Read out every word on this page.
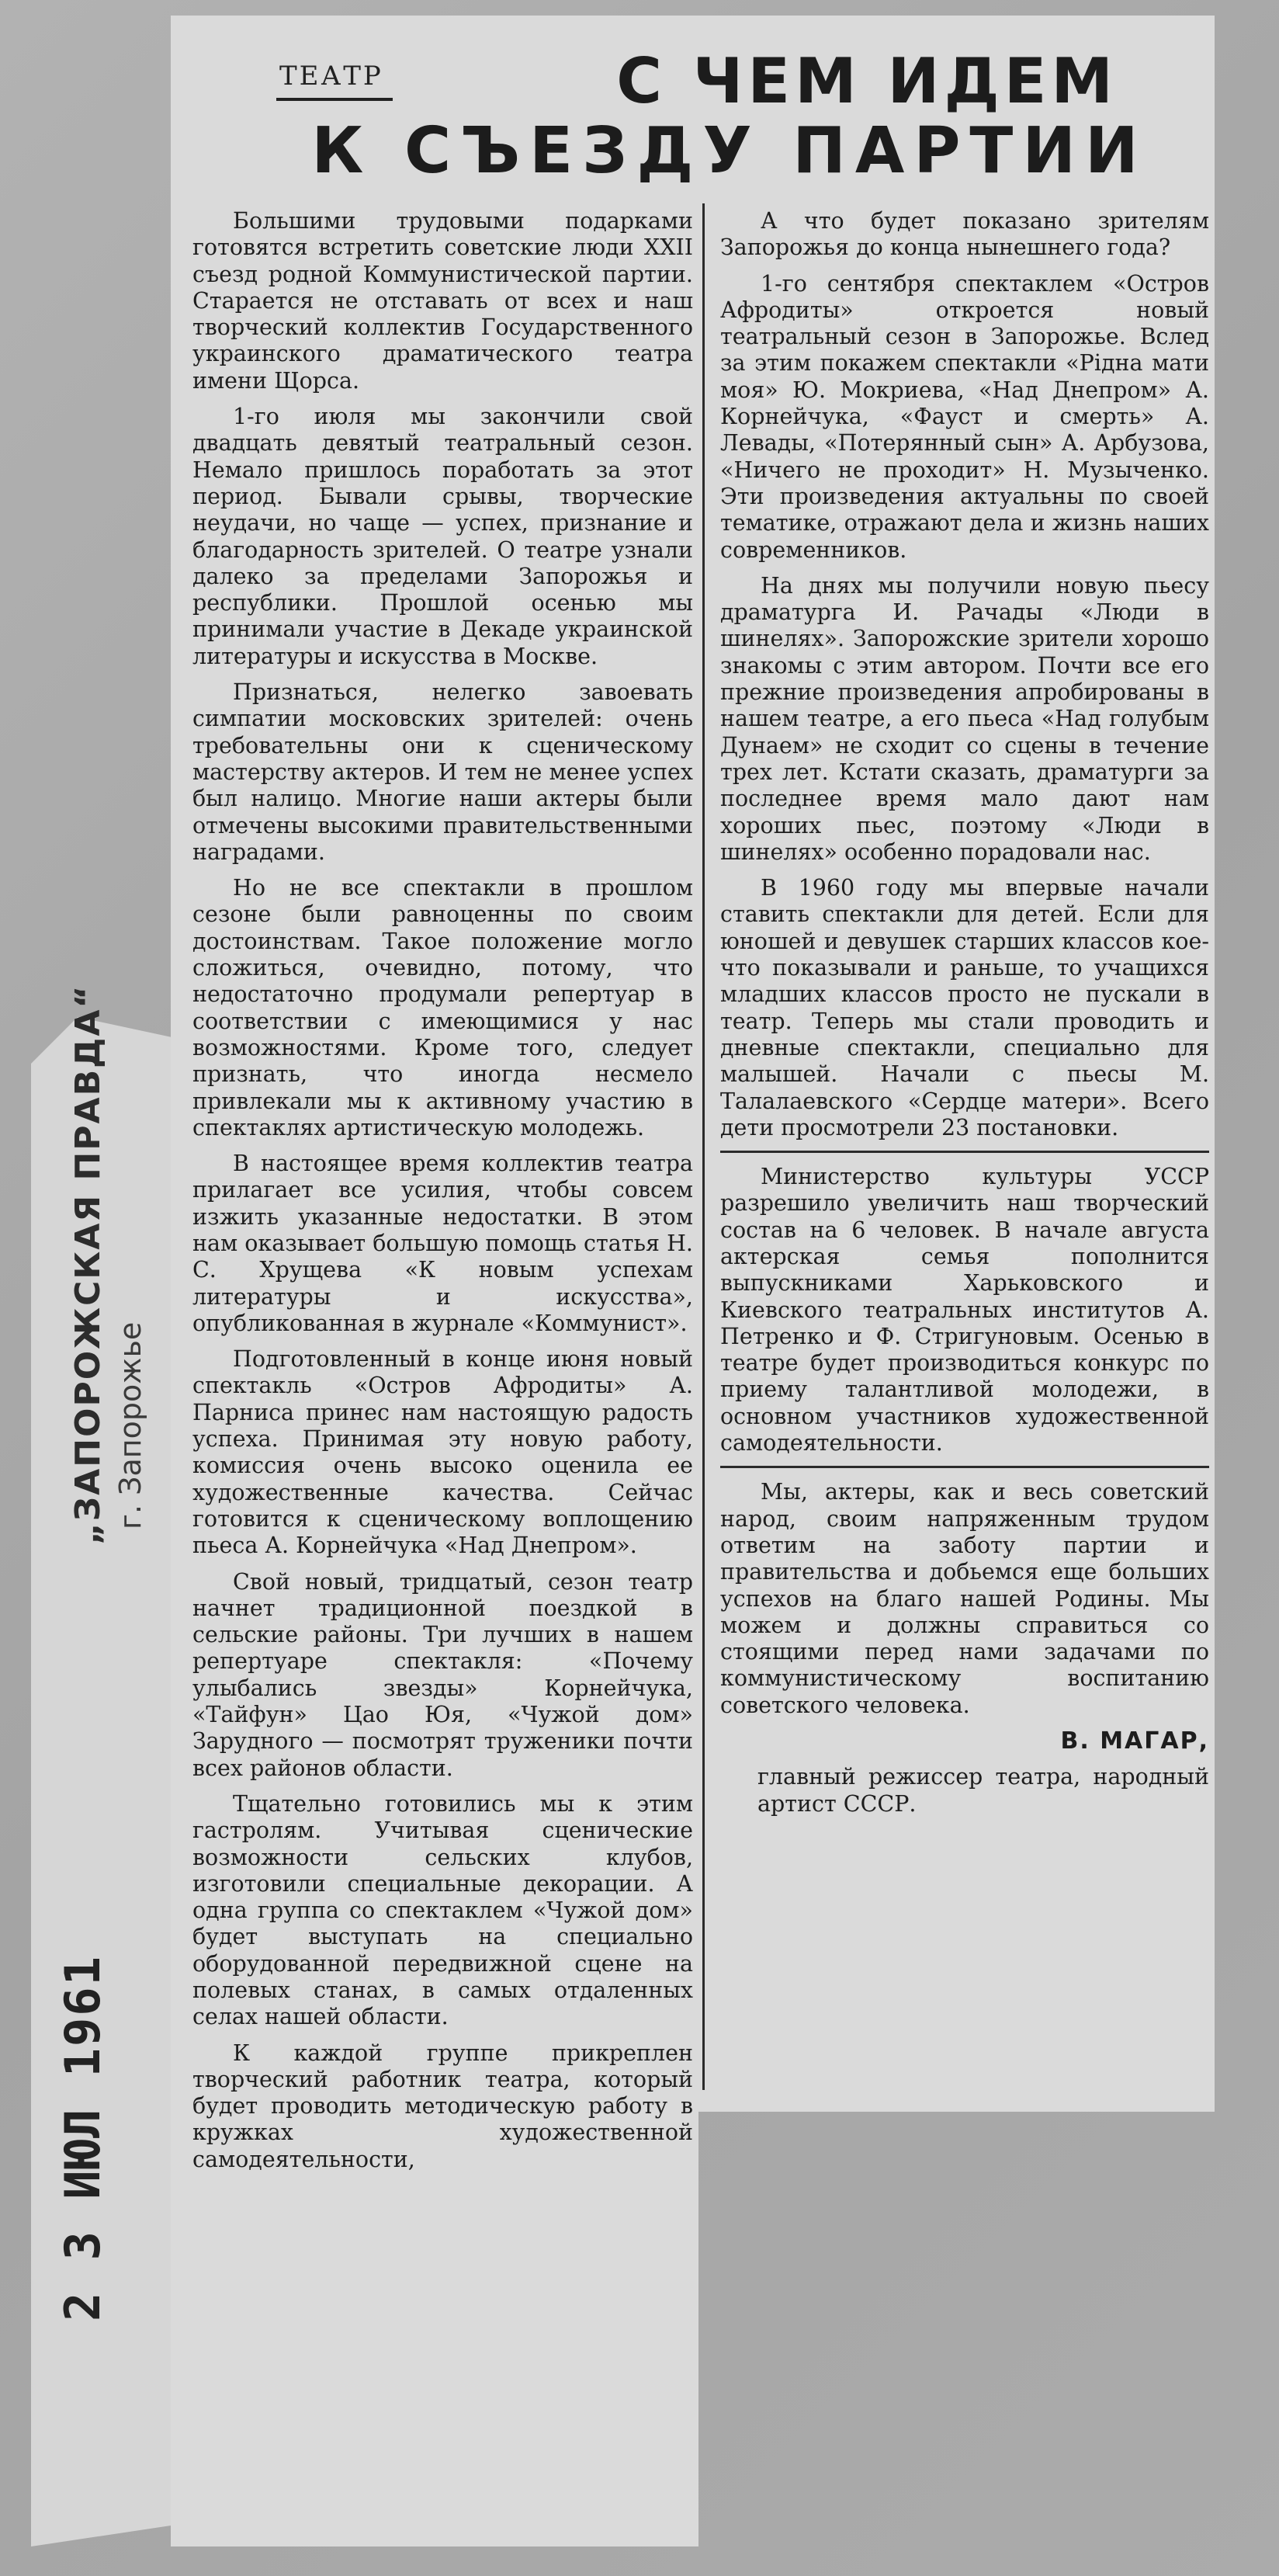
„ЗАПОРОЖСКАЯ ПРАВДА“ г. Запорожье
2 3 ИЮЛ 1961
ТЕАТР	С ЧЕМ ИДЕМ
К СЪЕЗДУ ПАРТИИ

Большими трудовыми подарками готовятся встретить советские люди XXII съезд родной Коммунистической партии. Старается не отставать от всех и наш творческий коллектив Государственного украинского драматического театра имени Щорса.

1-го июля мы закончили свой двадцать девятый театральный сезон. Немало пришлось поработать за этот период. Бывали срывы, творческие неудачи, но чаще — успех, признание и благодарность зрителей. О театре узнали далеко за пределами Запорожья и республики. Прошлой осенью мы принимали участие в Декаде украинской литературы и искусства в Москве.

Признаться, нелегко завоевать симпатии московских зрителей: очень требовательны они к сценическому мастерству актеров. И тем не менее успех был налицо. Многие наши актеры были отмечены высокими правительственными наградами.

Но не все спектакли в прошлом сезоне были равноценны по своим достоинствам. Такое положение могло сложиться, очевидно, потому, что недостаточно продумали репертуар в соответствии с имеющимися у нас возможностями. Кроме того, следует признать, что иногда несмело привлекали мы к активному участию в спектаклях артистическую молодежь.

В настоящее время коллектив театра прилагает все усилия, чтобы совсем изжить указанные недостатки. В этом нам оказывает большую помощь статья Н. С. Хрущева «К новым успехам литературы и искусства», опубликованная в журнале «Коммунист».

Подготовленный в конце июня новый спектакль «Остров Афродиты» А. Парниса принес нам настоящую радость успеха. Принимая эту новую работу, комиссия очень высоко оценила ее художественные качества. Сейчас готовится к сценическому воплощению пьеса А. Корнейчука «Над Днепром».

Свой новый, тридцатый, сезон театр начнет традиционной поездкой в сельские районы. Три лучших в нашем репертуаре спектакля: «Почему улыбались звезды» Корнейчука, «Тайфун» Цао Юя, «Чужой дом» Зарудного — посмотрят труженики почти всех районов области.

Тщательно готовились мы к этим гастролям. Учитывая сценические возможности сельских клубов, изготовили специальные декорации. А одна группа со спектаклем «Чужой дом» будет выступать на специально оборудованной передвижной сцене на полевых станах, в самых отдаленных селах нашей области.

К каждой группе прикреплен творческий работник театра, который будет проводить методическую работу в кружках художественной самодеятельности,

А что будет показано зрителям Запорожья до конца нынешнего года?

1-го сентября спектаклем «Остров Афродиты» откроется новый театральный сезон в Запорожье. Вслед за этим покажем спектакли «Рідна мати моя» Ю. Мокриева, «Над Днепром» А. Корнейчука, «Фауст и смерть» А. Левады, «Потерянный сын» А. Арбузова, «Ничего не проходит» Н. Музыченко. Эти произведения актуальны по своей тематике, отражают дела и жизнь наших современников.

На днях мы получили новую пьесу драматурга И. Рачады «Люди в шинелях». Запорожские зрители хорошо знакомы с этим автором. Почти все его прежние произведения апробированы в нашем театре, а его пьеса «Над голубым Дунаем» не сходит со сцены в течение трех лет. Кстати сказать, драматурги за последнее время мало дают нам хороших пьес, поэтому «Люди в шинелях» особенно порадовали нас.

В 1960 году мы впервые начали ставить спектакли для детей. Если для юношей и девушек старших классов кое-что показывали и раньше, то учащихся младших классов просто не пускали в театр. Теперь мы стали проводить и дневные спектакли, специально для малышей. Начали с пьесы М. Талалаевского «Сердце матери». Всего дети просмотрели 23 постановки.

Министерство культуры УССР разрешило увеличить наш творческий состав на 6 человек. В начале августа актерская семья пополнится выпускниками Харьковского и Киевского театральных институтов А. Петренко и Ф. Стригуновым. Осенью в театре будет производиться конкурс по приему талантливой молодежи, в основном участников художественной самодеятельности.

Мы, актеры, как и весь советский народ, своим напряженным трудом ответим на заботу партии и правительства и добьемся еще больших успехов на благо нашей Родины. Мы можем и должны справиться со стоящими перед нами задачами по коммунистическому воспитанию советского человека.

В. МАГАР,

главный режиссер театра, народный артист СССР.
